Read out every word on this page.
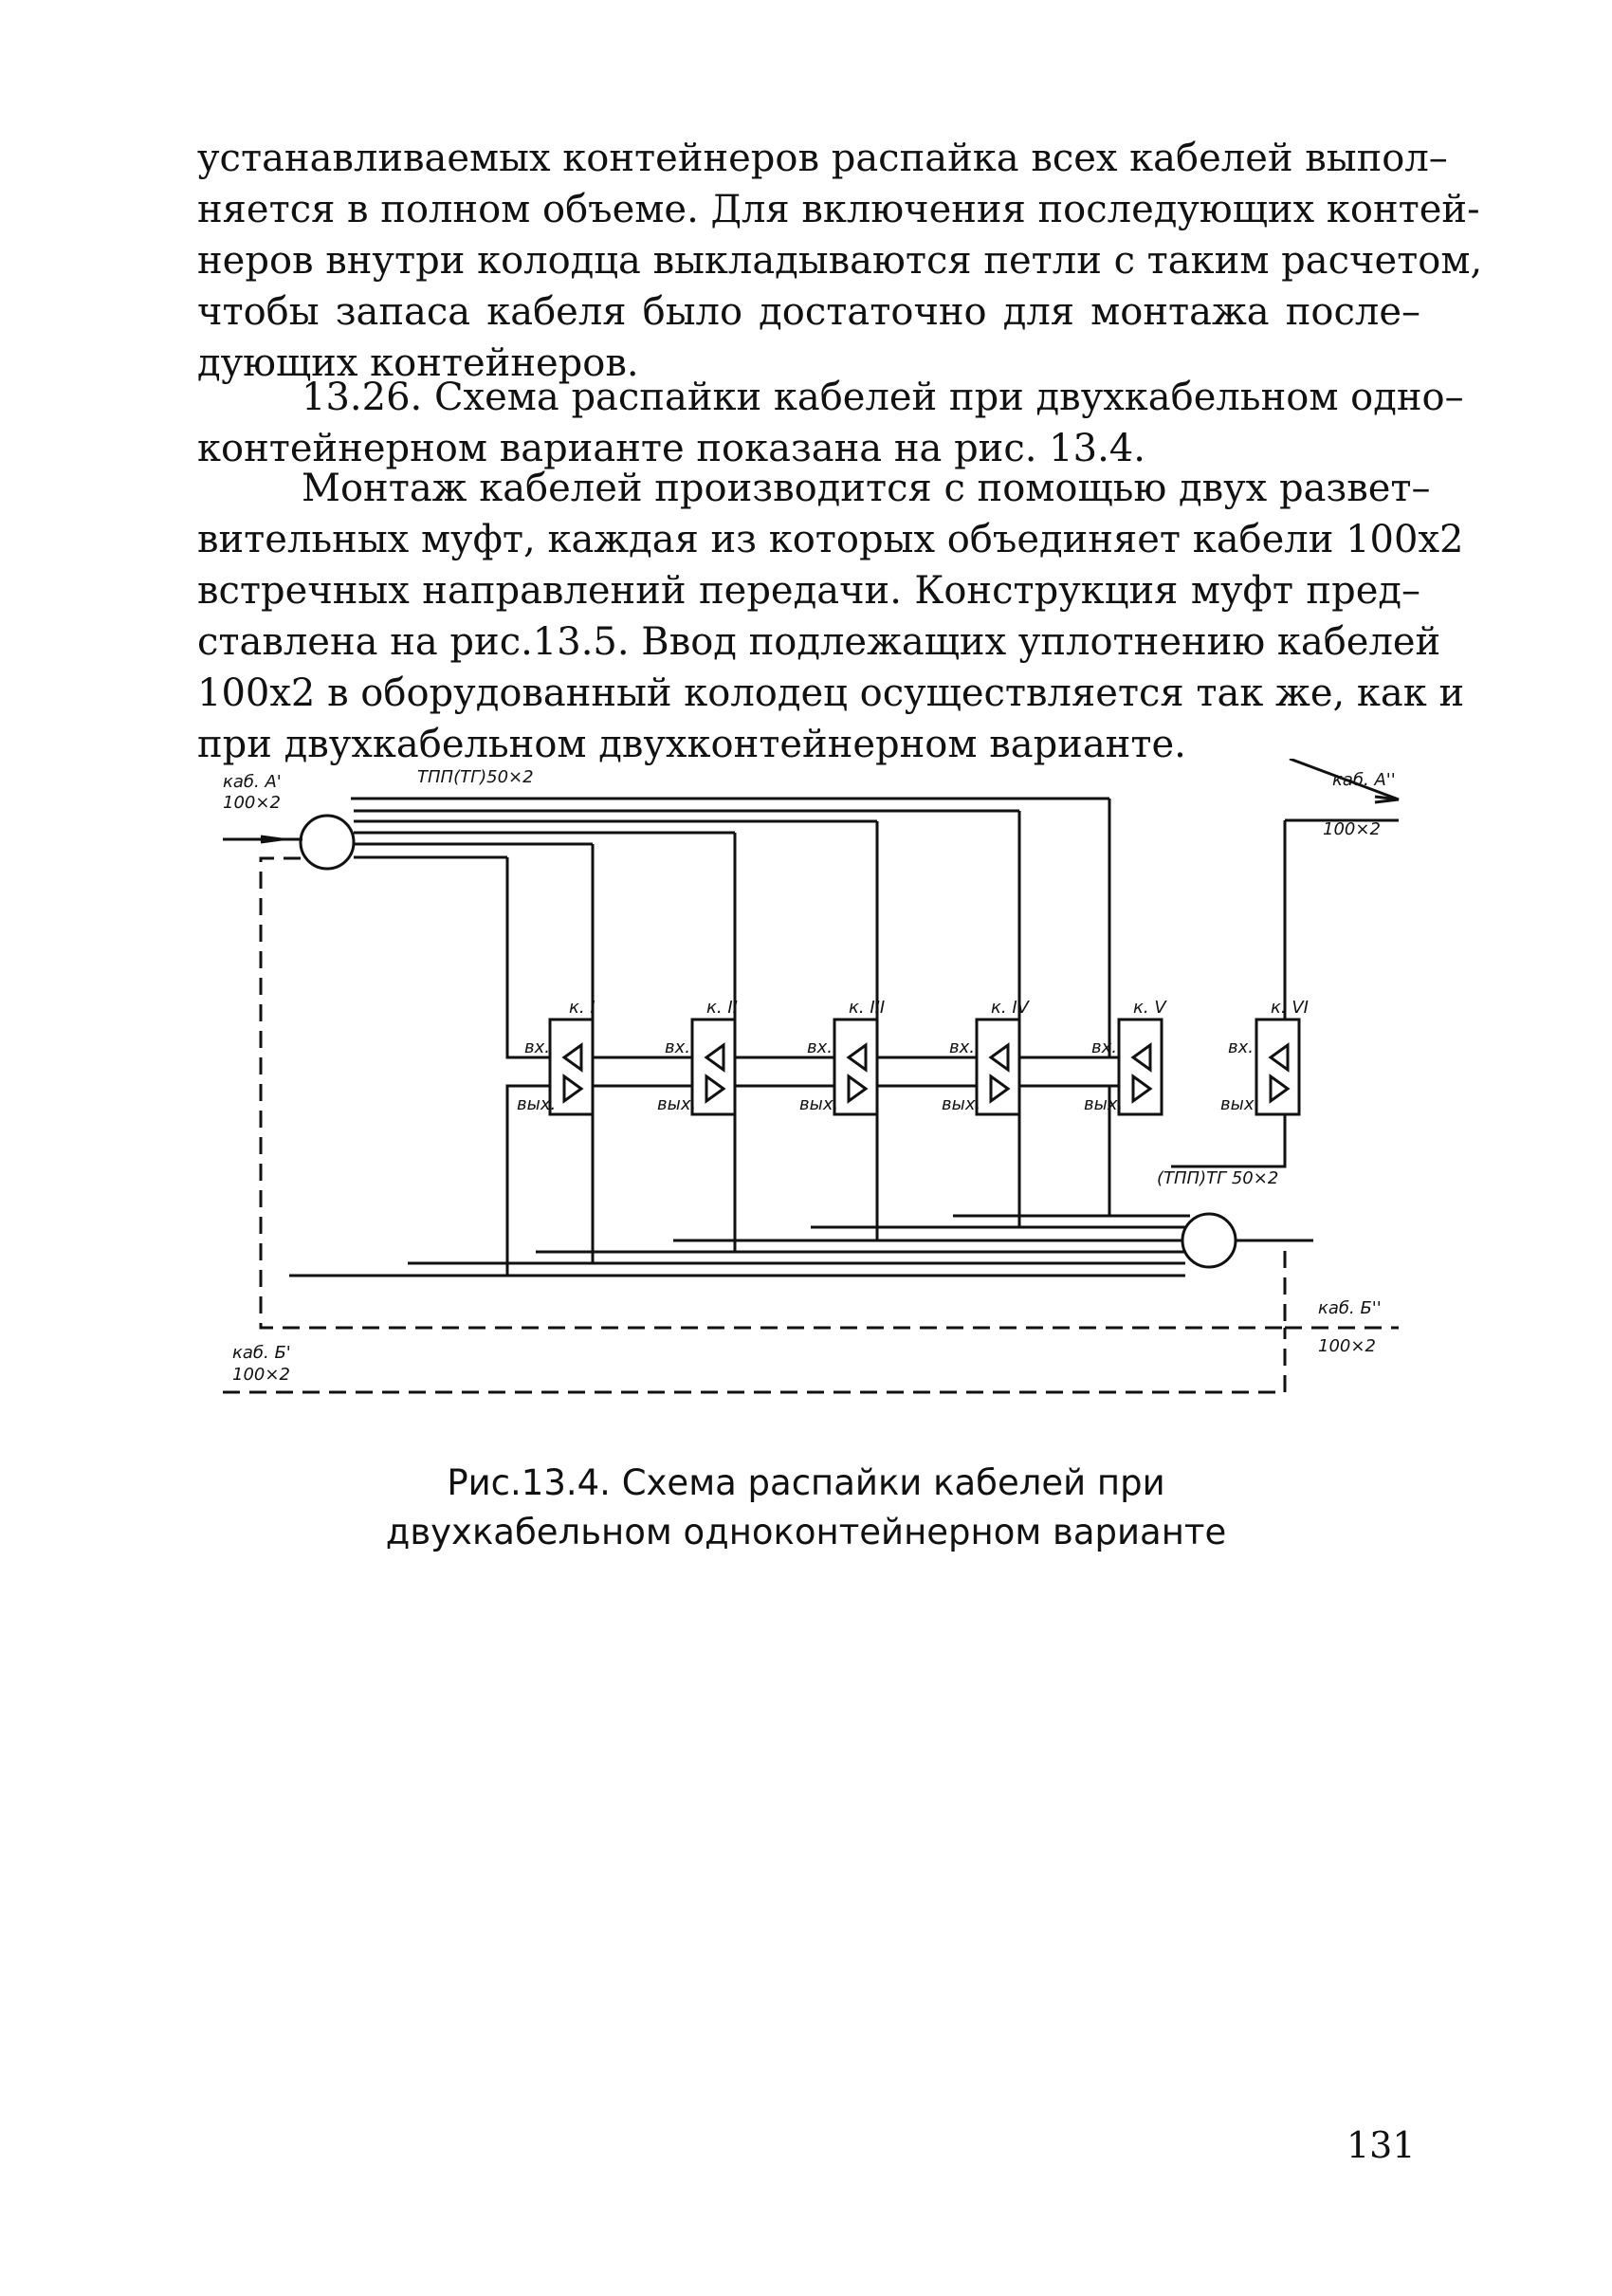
устанавливаемых контейнеров распайка всех кабелей выпол–
няется в полном объеме. Для включения последующих контей-
неров внутри колодца выкладываются петли с таким расчетом,
чтобы запаса кабеля было достаточно для монтажа после–
дующих контейнеров.
13.26. Схема распайки кабелей при двухкабельном одно–
контейнерном варианте показана на рис. 13.4.
Монтаж кабелей производится с помощью двух развет–
вительных муфт, каждая из которых объединяет кабели 100х2
встречных направлений передачи. Конструкция муфт пред–
ставлена на рис.13.5. Ввод подлежащих уплотнению кабелей
100х2 в оборудованный колодец осуществляется так же, как и
при двухкабельном двухконтейнерном варианте.
каб. А'
100×2
каб. А''
100×2
каб. Б'
100×2
каб. Б''
100×2
ТПП(ТГ)50×2
(ТПП)ТГ 50×2
к. I	к. II	к. III	к. IV	к. V	к. VI
вх.
вых.
вх.
вых.
вх.
вых.
вх.
вых.
вх.
вых.
вх.
вых.
Рис.13.4. Схема распайки кабелей при
двухкабельном одноконтейнерном варианте
131
